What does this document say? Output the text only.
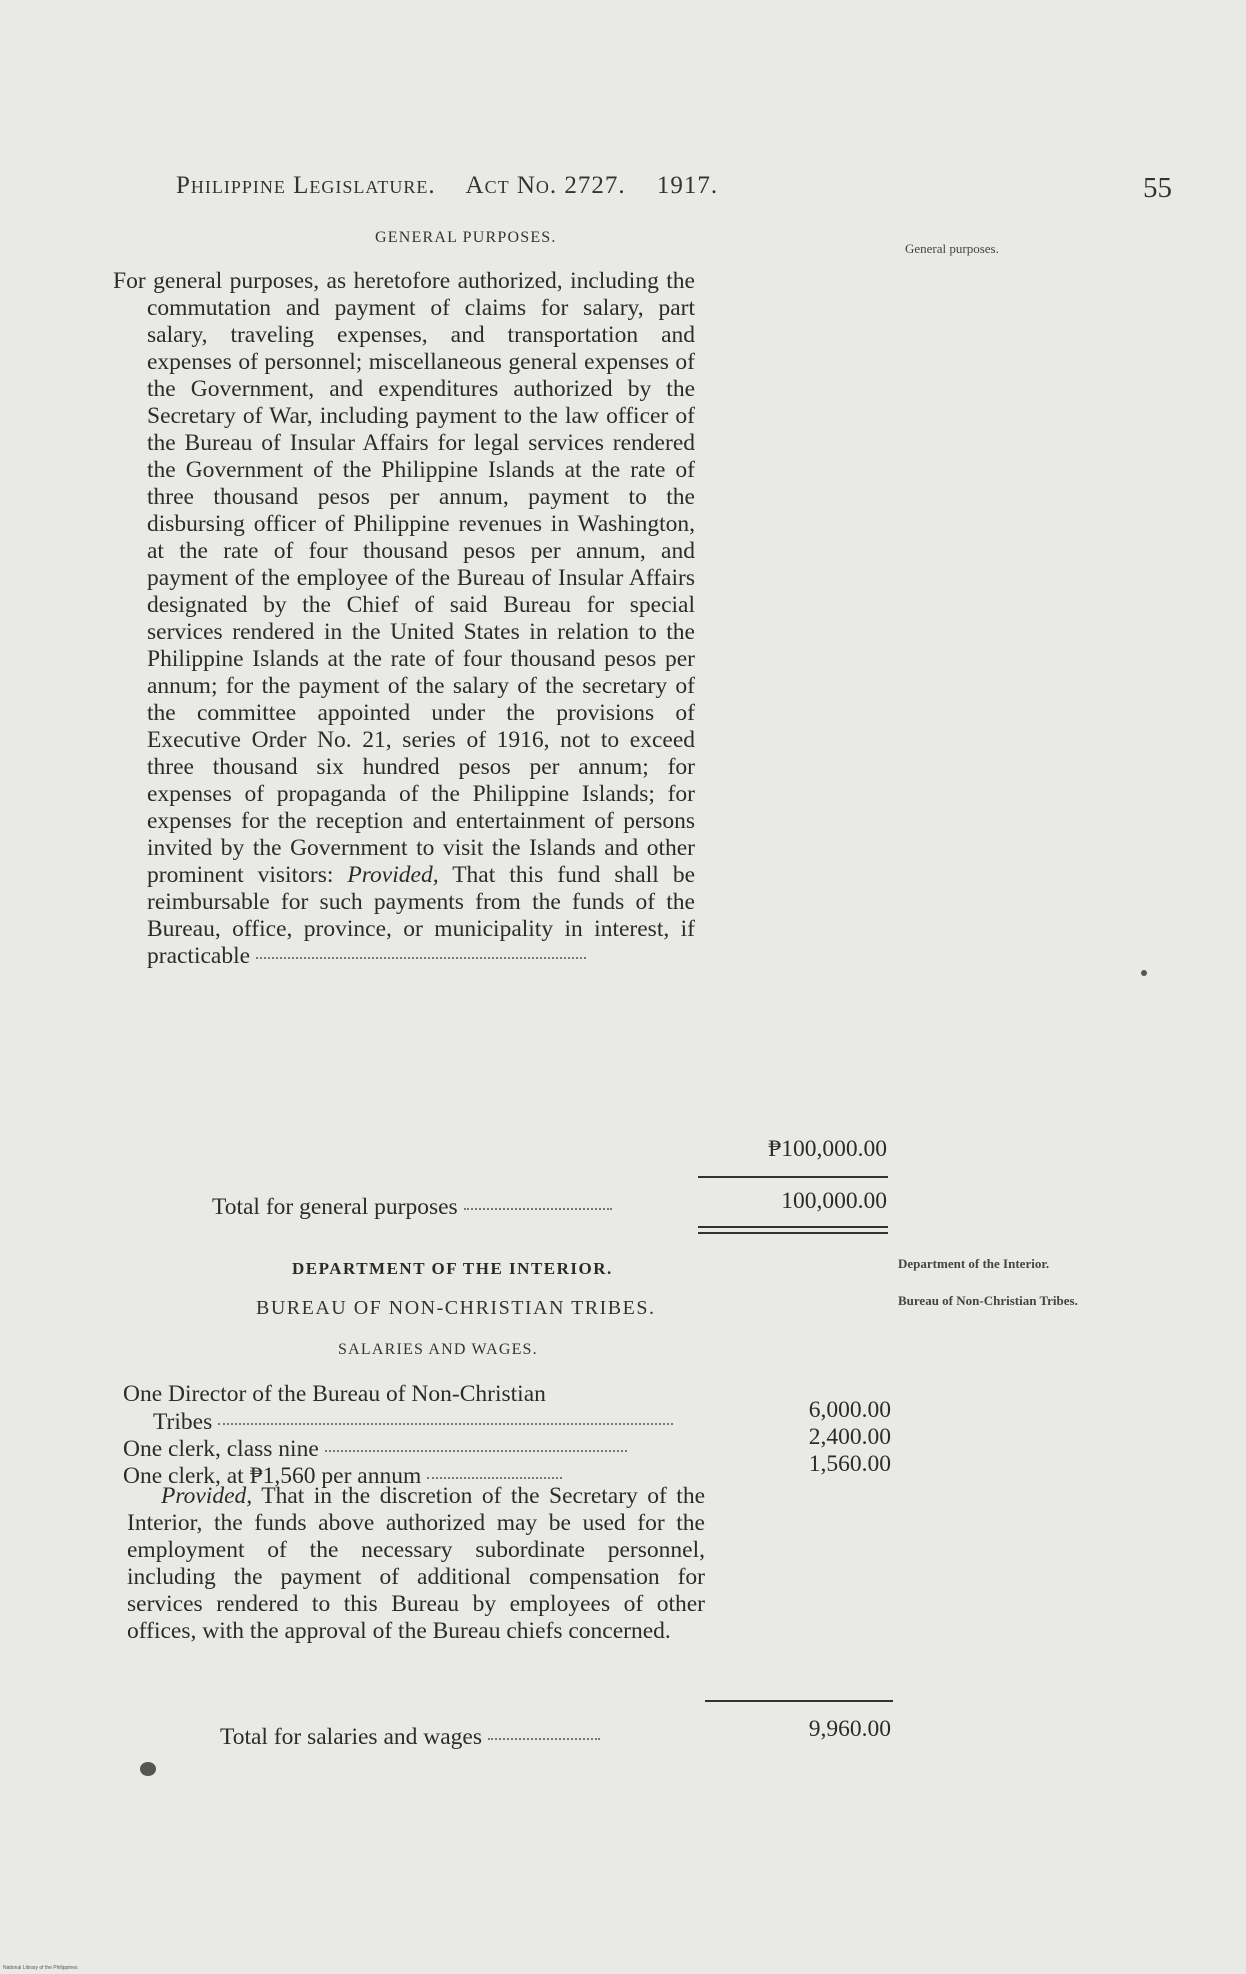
Philippine Legislature. Act No. 2727. 1917.	55
GENERAL PURPOSES.
General purposes.
For general purposes, as heretofore authorized, including the commutation and payment of claims for salary, part salary, traveling expenses, and transportation and expenses of personnel; miscellaneous general expenses of the Government, and expenditures authorized by the Secretary of War, including payment to the law officer of the Bureau of Insular Affairs for legal services rendered the Government of the Philippine Islands at the rate of three thousand pesos per annum, payment to the disbursing officer of Philippine revenues in Washington, at the rate of four thousand pesos per annum, and payment of the employee of the Bureau of Insular Affairs designated by the Chief of said Bureau for special services rendered in the United States in relation to the Philippine Islands at the rate of four thousand pesos per annum; for the payment of the salary of the secretary of the committee appointed under the provisions of Executive Order No. 21, series of 1916, not to exceed three thousand six hundred pesos per annum; for expenses of propaganda of the Philippine Islands; for expenses for the reception and entertainment of persons invited by the Government to visit the Islands and other prominent visitors: Provided, That this fund shall be reimbursable for such payments from the funds of the Bureau, office, province, or municipality in interest, if practicable
₱100,000.00
Total for general purposes	100,000.00
DEPARTMENT OF THE INTERIOR.
BUREAU OF NON-CHRISTIAN TRIBES.
SALARIES AND WAGES.
Department of the Interior.
Bureau of Non-Christian Tribes.
One Director of the Bureau of Non-Christian
Tribes	6,000.00
One clerk, class nine	2,400.00
One clerk, at ₱1,560 per annum	1,560.00
Provided, That in the discretion of the Secretary of the Interior, the funds above authorized may be used for the employment of the necessary subordinate personnel, including the payment of additional compensation for services rendered to this Bureau by employees of other offices, with the approval of the Bureau chiefs concerned.
Total for salaries and wages	9,960.00
National Library of the Philippines
